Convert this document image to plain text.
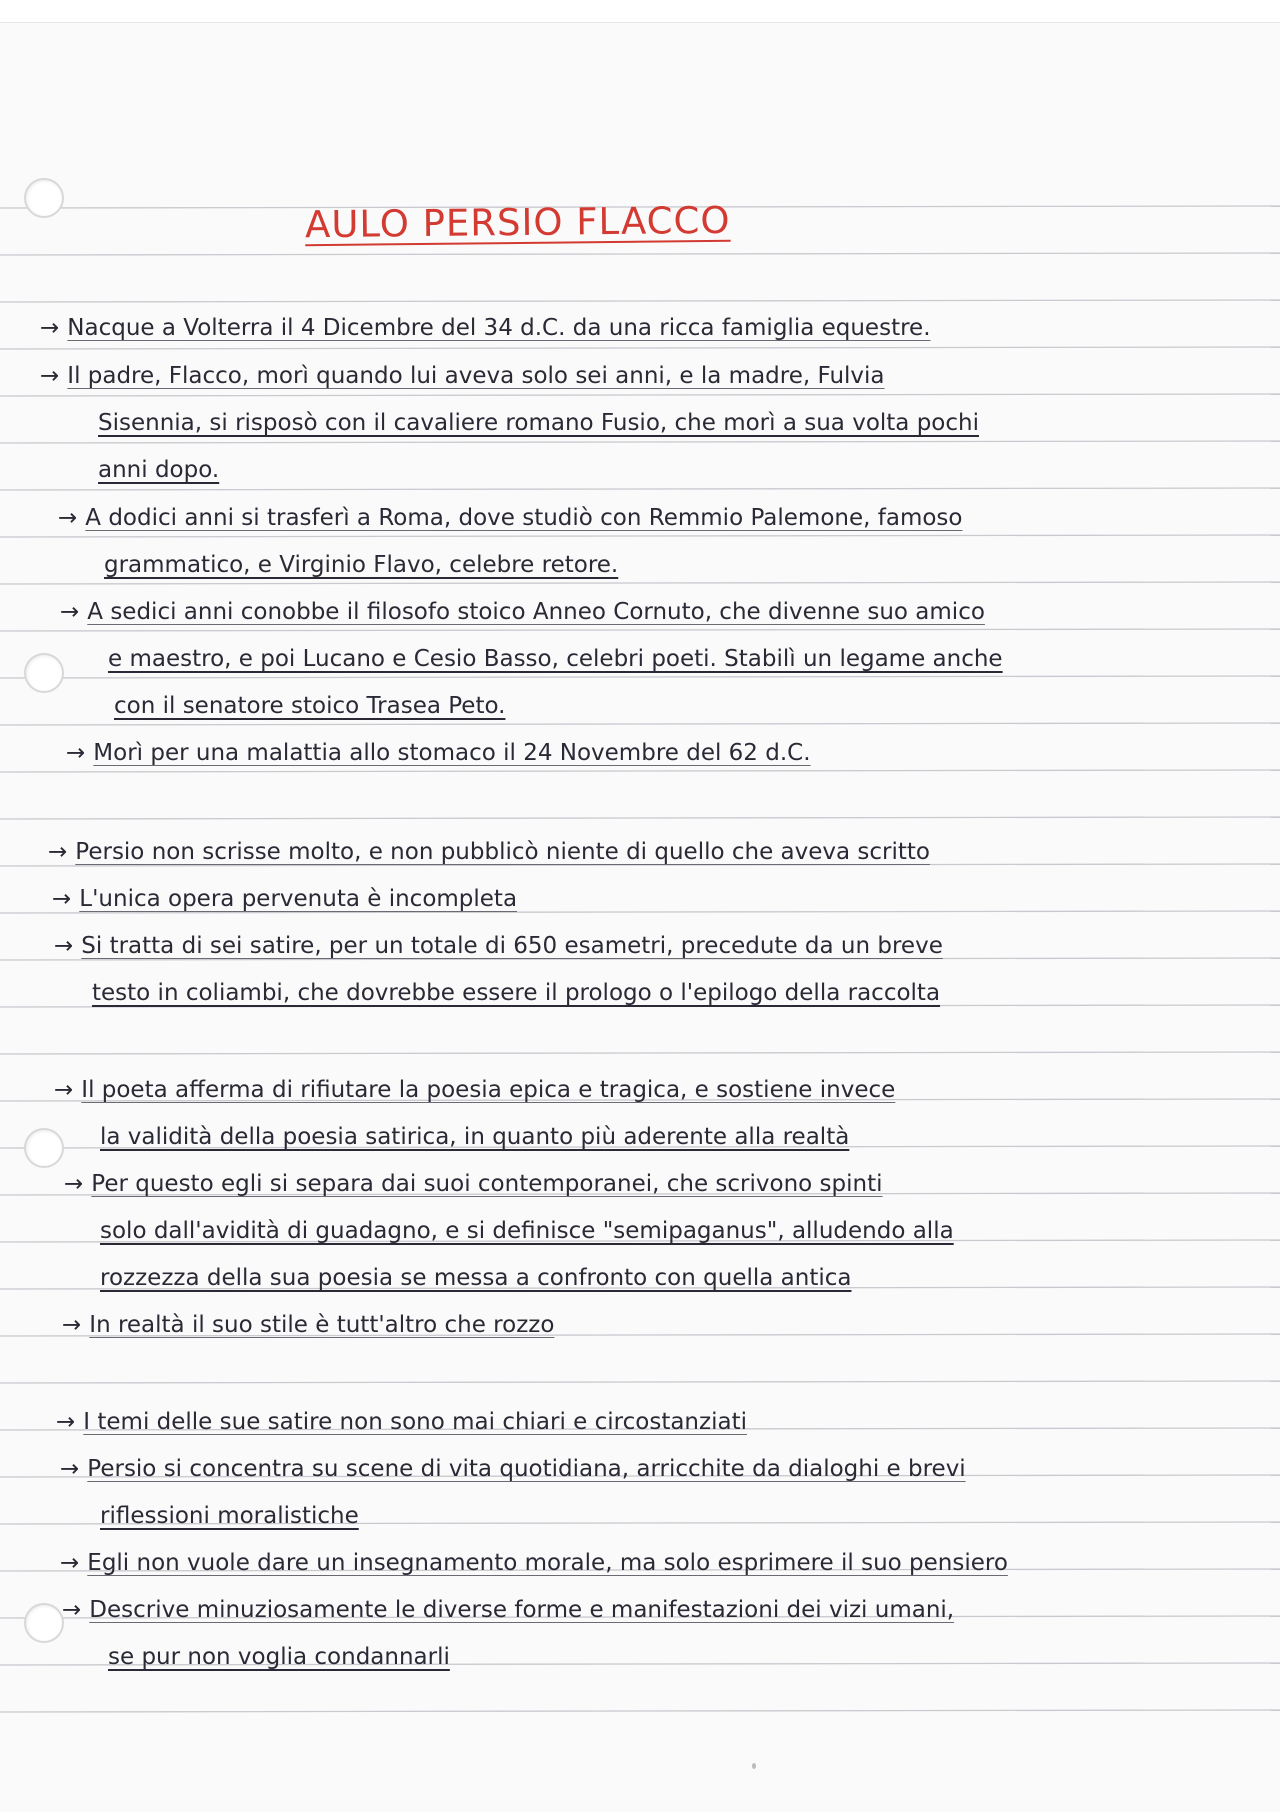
AULO PERSIO FLACCO

→ Nacque a Volterra il 4 Dicembre del 34 d.C. da una ricca famiglia equestre.

→ Il padre, Flacco, morì quando lui aveva solo sei anni, e la madre, Fulvia

Sisennia, si risposò con il cavaliere romano Fusio, che morì a sua volta pochi

anni dopo.

→ A dodici anni si trasferì a Roma, dove studiò con Remmio Palemone, famoso

grammatico, e Virginio Flavo, celebre retore.

→ A sedici anni conobbe il filosofo stoico Anneo Cornuto, che divenne suo amico

e maestro, e poi Lucano e Cesio Basso, celebri poeti. Stabilì un legame anche

con il senatore stoico Trasea Peto.

→ Morì per una malattia allo stomaco il 24 Novembre del 62 d.C.

→ Persio non scrisse molto, e non pubblicò niente di quello che aveva scritto

→ L'unica opera pervenuta è incompleta

→ Si tratta di sei satire, per un totale di 650 esametri, precedute da un breve

testo in coliambi, che dovrebbe essere il prologo o l'epilogo della raccolta

→ Il poeta afferma di rifiutare la poesia epica e tragica, e sostiene invece

la validità della poesia satirica, in quanto più aderente alla realtà

→ Per questo egli si separa dai suoi contemporanei, che scrivono spinti

solo dall'avidità di guadagno, e si definisce "semipaganus", alludendo alla

rozzezza della sua poesia se messa a confronto con quella antica

→ In realtà il suo stile è tutt'altro che rozzo

→ I temi delle sue satire non sono mai chiari e circostanziati

→ Persio si concentra su scene di vita quotidiana, arricchite da dialoghi e brevi

riflessioni moralistiche

→ Egli non vuole dare un insegnamento morale, ma solo esprimere il suo pensiero

→ Descrive minuziosamente le diverse forme e manifestazioni dei vizi umani,

se pur non voglia condannarli
